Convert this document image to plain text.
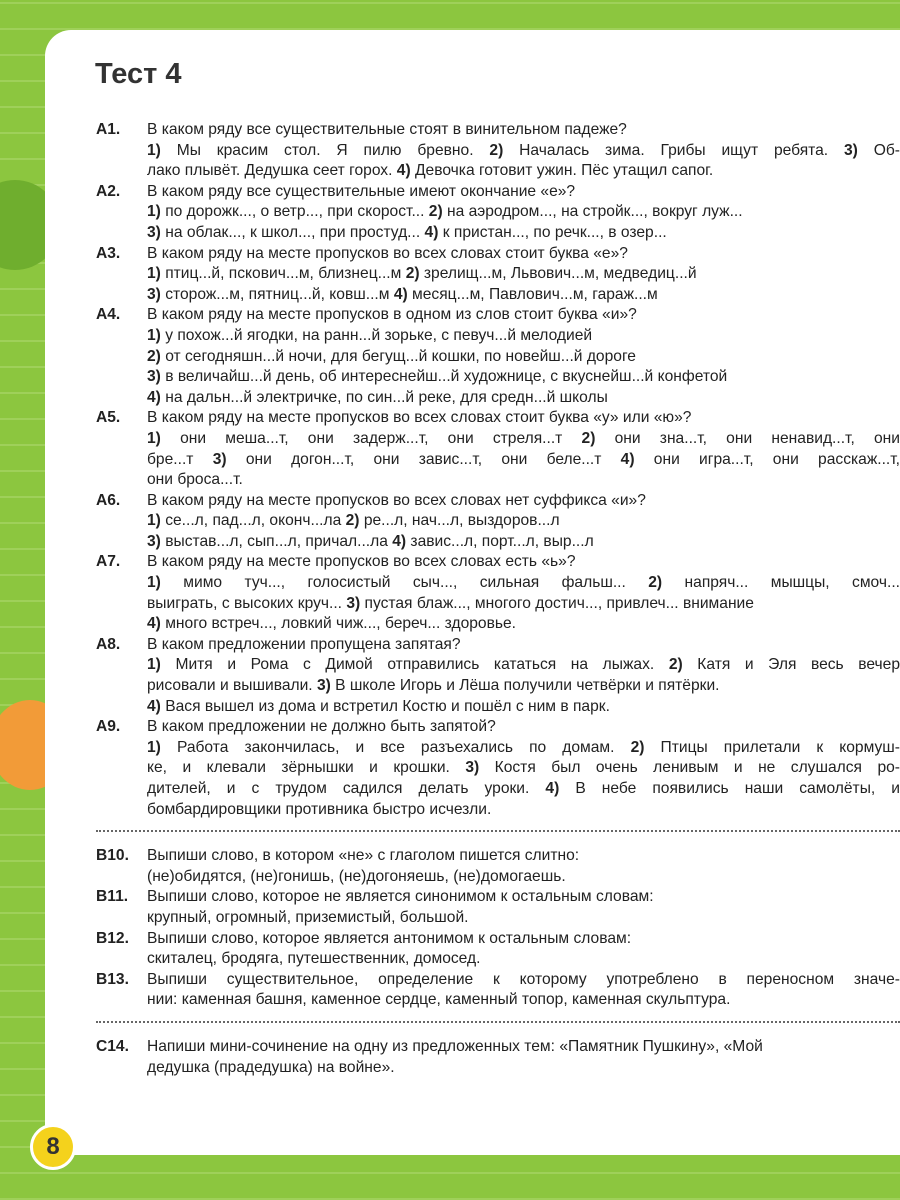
Тест 4
A1.	В каком ряду все существительные стоят в винительном падеже?
1) Мы красим стол. Я пилю бревно. 2) Началась зима. Грибы ищут ребята. 3) Об-
лако плывёт. Дедушка сеет горох. 4) Девочка готовит ужин. Пёс утащил сапог.
A2.	В каком ряду все существительные имеют окончание «е»?
1) по дорожк..., о ветр..., при скорост... 2) на аэродром..., на стройк..., вокруг луж...
3) на облак..., к школ..., при простуд... 4) к пристан..., по речк..., в озер...
A3.	В каком ряду на месте пропусков во всех словах стоит буква «е»?
1) птиц...й, пскович...м, близнец...м 2) зрелищ...м, Львович...м, медведиц...й
3) сторож...м, пятниц...й, ковш...м 4) месяц...м, Павлович...м, гараж...м
A4.	В каком ряду на месте пропусков в одном из слов стоит буква «и»?
1) у похож...й ягодки, на ранн...й зорьке, с певуч...й мелодией
2) от сегодняшн...й ночи, для бегущ...й кошки, по новейш...й дороге
3) в величайш...й день, об интереснейш...й художнице, с вкуснейш...й конфетой
4) на дальн...й электричке, по син...й реке, для средн...й школы
A5.	В каком ряду на месте пропусков во всех словах стоит буква «у» или «ю»?
1) они меша...т, они задерж...т, они стреля...т 2) они зна...т, они ненавид...т, они
бре...т 3) они догон...т, они завис...т, они беле...т 4) они игра...т, они расскаж...т,
они броса...т.
A6.	В каком ряду на месте пропусков во всех словах нет суффикса «и»?
1) се...л, пад...л, оконч...ла 2) ре...л, нач...л, выздоров...л
3) выстав...л, сып...л, причал...ла 4) завис...л, порт...л, выр...л
A7.	В каком ряду на месте пропусков во всех словах есть «ь»?
1) мимо туч..., голосистый сыч..., сильная фальш... 2) напряч... мышцы, смоч...
выиграть, с высоких круч... 3) пустая блаж..., многого достич..., привлеч... внимание
4) много встреч..., ловкий чиж..., береч... здоровье.
A8.	В каком предложении пропущена запятая?
1) Митя и Рома с Димой отправились кататься на лыжах. 2) Катя и Эля весь вечер
рисовали и вышивали. 3) В школе Игорь и Лёша получили четвёрки и пятёрки.
4) Вася вышел из дома и встретил Костю и пошёл с ним в парк.
A9.	В каком предложении не должно быть запятой?
1) Работа закончилась, и все разъехались по домам. 2) Птицы прилетали к кормуш-
ке, и клевали зёрнышки и крошки. 3) Костя был очень ленивым и не слушался ро-
дителей, и с трудом садился делать уроки. 4) В небе появились наши самолёты, и
бомбардировщики противника быстро исчезли.
B10.	Выпиши слово, в котором «не» с глаголом пишется слитно:
(не)обидятся, (не)гонишь, (не)догоняешь, (не)домогаешь.
B11.	Выпиши слово, которое не является синонимом к остальным словам:
крупный, огромный, приземистый, большой.
B12.	Выпиши слово, которое является антонимом к остальным словам:
скиталец, бродяга, путешественник, домосед.
B13.	Выпиши существительное, определение к которому употреблено в переносном значе-
нии: каменная башня, каменное сердце, каменный топор, каменная скульптура.
C14.	Напиши мини-сочинение на одну из предложенных тем: «Памятник Пушкину», «Мой
дедушка (прадедушка) на войне».
8
